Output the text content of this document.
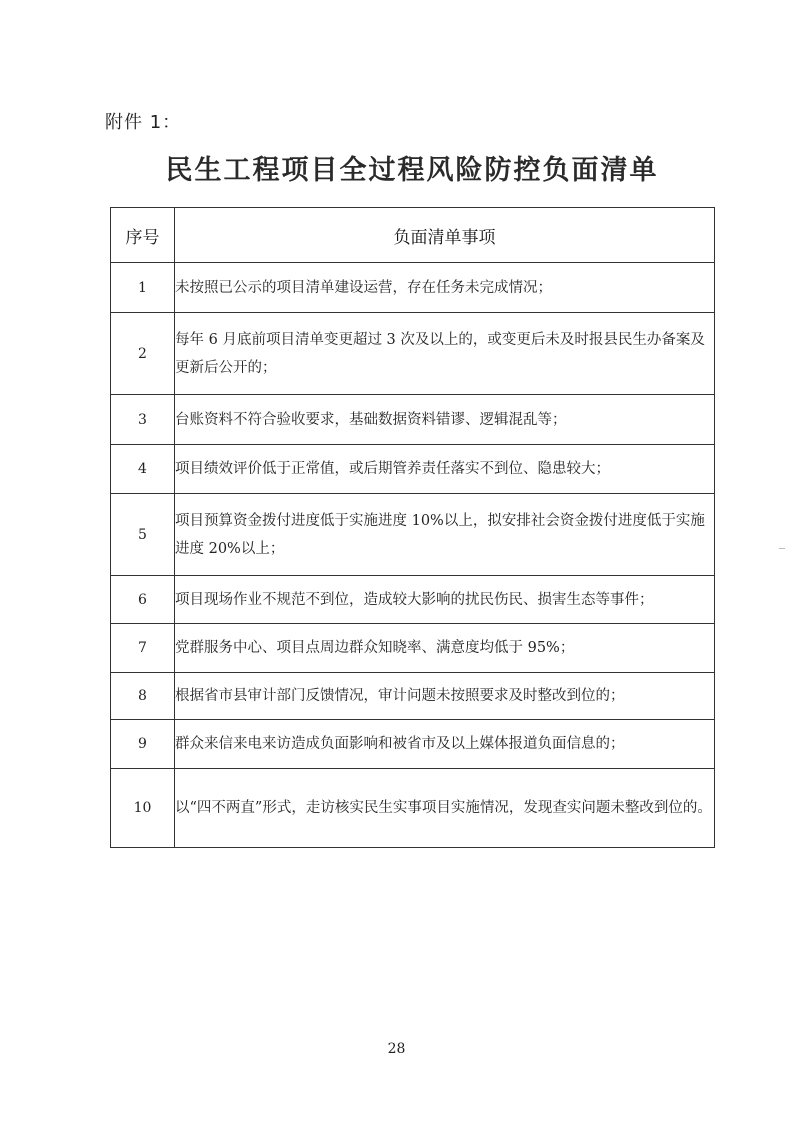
附件 1：
民生工程项目全过程风险防控负面清单
序号	负面清单事项
1	未按照已公示的项目清单建设运营，存在任务未完成情况；
2	每年 6 月底前项目清单变更超过 3 次及以上的，或变更后未及时报县民生办备案及更新后公开的；
3	台账资料不符合验收要求，基础数据资料错谬、逻辑混乱等；
4	项目绩效评价低于正常值，或后期管养责任落实不到位、隐患较大；
5	项目预算资金拨付进度低于实施进度 10%以上，拟安排社会资金拨付进度低于实施进度 20%以上；
6	项目现场作业不规范不到位，造成较大影响的扰民伤民、损害生态等事件；
7	党群服务中心、项目点周边群众知晓率、满意度均低于 95%；
8	根据省市县审计部门反馈情况，审计问题未按照要求及时整改到位的；
9	群众来信来电来访造成负面影响和被省市及以上媒体报道负面信息的；
10	以“四不两直”形式，走访核实民生实事项目实施情况，发现查实问题未整改到位的。
28
